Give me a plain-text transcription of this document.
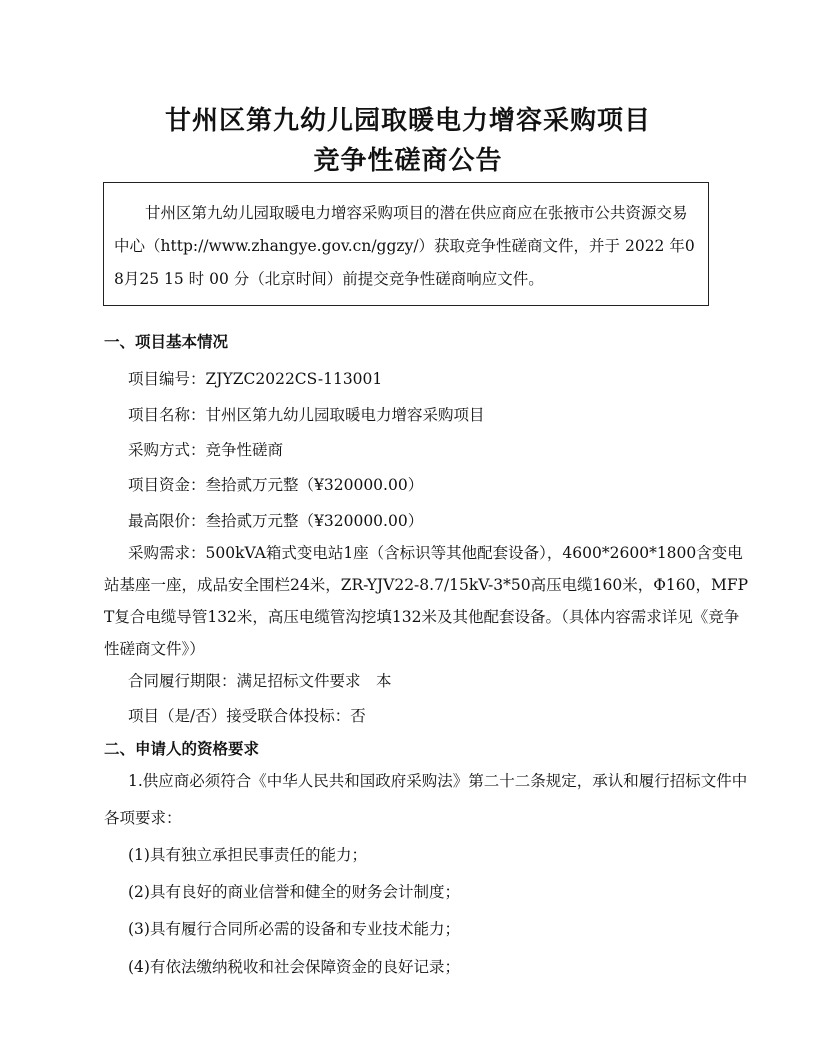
甘州区第九幼儿园取暖电力增容采购项目
竞争性磋商公告

甘州区第九幼儿园取暖电力增容采购项目的潜在供应商应在张掖市公共资源交易中心（http://www.zhangye.gov.cn/ggzy/）获取竞争性磋商文件，并于 2022 年08月25 15 时 00 分（北京时间）前提交竞争性磋商响应文件。

一、项目基本情况
项目编号：ZJYZC2022CS-113001
项目名称：甘州区第九幼儿园取暖电力增容采购项目
采购方式：竞争性磋商
项目资金：叁拾贰万元整（¥320000.00）
最高限价：叁拾贰万元整（¥320000.00）

采购需求：500kVA箱式变电站1座（含标识等其他配套设备），4600*2600*1800含变电站基座一座，成品安全围栏24米，ZR-YJV22-8.7/15kV-3*50高压电缆160米，Φ160，MFPT复合电缆导管132米，高压电缆管沟挖填132米及其他配套设备。（具体内容需求详见《竞争性磋商文件》）

合同履行期限：满足招标文件要求　本
项目（是/否）接受联合体投标：否
二、申请人的资格要求

1.供应商必须符合《中华人民共和国政府采购法》第二十二条规定，承认和履行招标文件中各项要求：

(1)具有独立承担民事责任的能力；
(2)具有良好的商业信誉和健全的财务会计制度；
(3)具有履行合同所必需的设备和专业技术能力；
(4)有依法缴纳税收和社会保障资金的良好记录；
